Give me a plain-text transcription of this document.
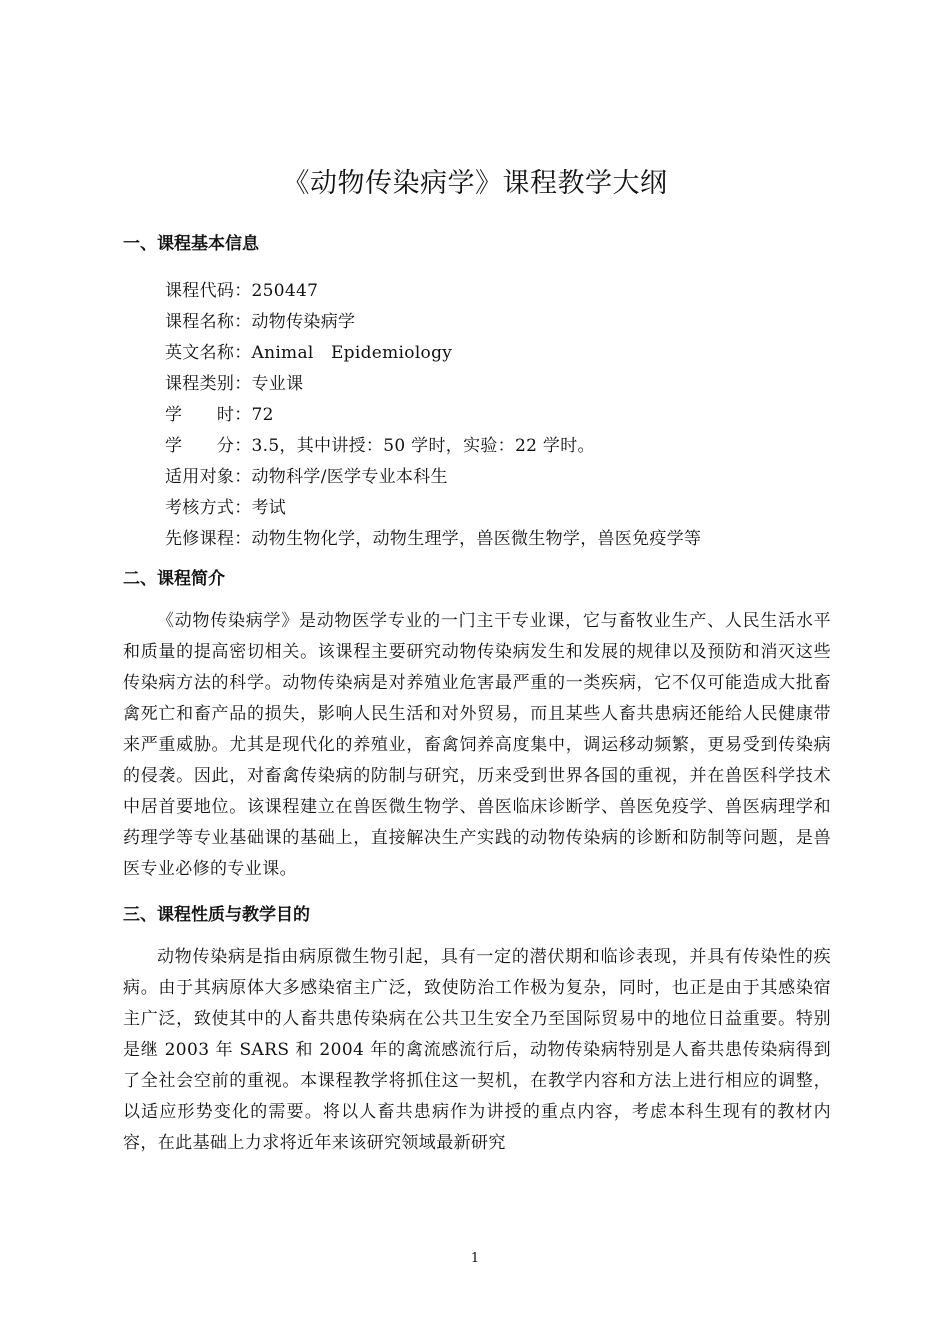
《动物传染病学》课程教学大纲
一、课程基本信息
课程代码：250447
课程名称：动物传染病学
英文名称：Animal　Epidemiology
课程类别：专业课
学　　时：72
学　　分：3.5，其中讲授：50 学时，实验：22 学时。
适用对象：动物科学/医学专业本科生
考核方式：考试
先修课程：动物生物化学，动物生理学，兽医微生物学，兽医免疫学等
二、课程简介

《动物传染病学》是动物医学专业的一门主干专业课，它与畜牧业生产、人民生活水平和质量的提高密切相关。该课程主要研究动物传染病发生和发展的规律以及预防和消灭这些传染病方法的科学。动物传染病是对养殖业危害最严重的一类疾病，它不仅可能造成大批畜禽死亡和畜产品的损失，影响人民生活和对外贸易，而且某些人畜共患病还能给人民健康带来严重威胁。尤其是现代化的养殖业，畜禽饲养高度集中，调运移动频繁，更易受到传染病的侵袭。因此，对畜禽传染病的防制与研究，历来受到世界各国的重视，并在兽医科学技术中居首要地位。该课程建立在兽医微生物学、兽医临床诊断学、兽医免疫学、兽医病理学和药理学等专业基础课的基础上，直接解决生产实践的动物传染病的诊断和防制等问题，是兽医专业必修的专业课。

三、课程性质与教学目的

动物传染病是指由病原微生物引起，具有一定的潜伏期和临诊表现，并具有传染性的疾病。由于其病原体大多感染宿主广泛，致使防治工作极为复杂，同时，也正是由于其感染宿主广泛，致使其中的人畜共患传染病在公共卫生安全乃至国际贸易中的地位日益重要。特别是继 2003 年 SARS 和 2004 年的禽流感流行后，动物传染病特别是人畜共患传染病得到了全社会空前的重视。本课程教学将抓住这一契机，在教学内容和方法上进行相应的调整，以适应形势变化的需要。将以人畜共患病作为讲授的重点内容，考虑本科生现有的教材内容，在此基础上力求将近年来该研究领域最新研究

1
